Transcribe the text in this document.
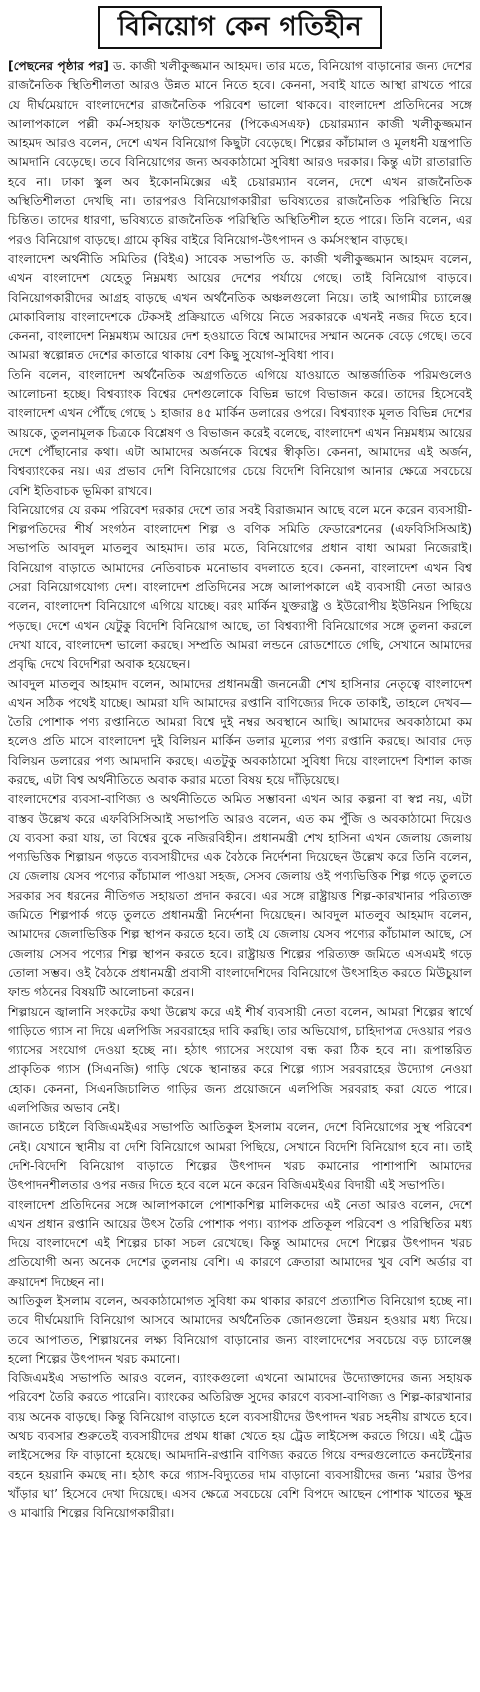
বিনিয়োগ কেন গতিহীন

[পেছনের পৃষ্ঠার পর] ড. কাজী খলীকুজ্জমান আহমদ। তার মতে, বিনিয়োগ বাড়ানোর জন্য দেশের রাজনৈতিক স্থিতিশীলতা আরও উন্নত মানে নিতে হবে। কেননা, সবাই যাতে আস্থা রাখতে পারে যে দীর্ঘমেয়াদে বাংলাদেশের রাজনৈতিক পরিবেশ ভালো থাকবে। বাংলাদেশ প্রতিদিনের সঙ্গে আলাপকালে পল্লী কর্ম-সহায়ক ফাউন্ডেশনের (পিকেএসএফ) চেয়ারম্যান কাজী খলীকুজ্জমান আহমদ আরও বলেন, দেশে এখন বিনিয়োগ কিছুটা বেড়েছে। শিল্পের কাঁচামাল ও মূলধনী যন্ত্রপাতি আমদানি বেড়েছে। তবে বিনিয়োগের জন্য অবকাঠামো সুবিধা আরও দরকার। কিন্তু এটা রাতারাতি হবে না। ঢাকা স্কুল অব ইকোনমিক্সের এই চেয়ারম্যান বলেন, দেশে এখন রাজনৈতিক অস্থিতিশীলতা দেখছি না। তারপরও বিনিয়োগকারীরা ভবিষ্যতের রাজনৈতিক পরিস্থিতি নিয়ে চিন্তিত। তাদের ধারণা, ভবিষ্যতে রাজনৈতিক পরিস্থিতি অস্থিতিশীল হতে পারে। তিনি বলেন, এর পরও বিনিয়োগ বাড়ছে। গ্রামে কৃষির বাইরে বিনিয়োগ-উৎপাদন ও কর্মসংস্থান বাড়ছে।

বাংলাদেশ অর্থনীতি সমিতির (বিইএ) সাবেক সভাপতি ড. কাজী খলীকুজ্জমান আহমদ বলেন, এখন বাংলাদেশ যেহেতু নিম্নমধ্য আয়ের দেশের পর্যায়ে গেছে। তাই বিনিয়োগ বাড়বে। বিনিয়োগকারীদের আগ্রহ বাড়ছে এখন অর্থনৈতিক অঞ্চলগুলো নিয়ে। তাই আগামীর চ্যালেঞ্জ মোকাবিলায় বাংলাদেশকে টেকসই প্রক্রিয়াতে এগিয়ে নিতে সরকারকে এখনই নজর দিতে হবে। কেননা, বাংলাদেশ নিম্নমধ্যম আয়ের দেশ হওয়াতে বিশ্বে আমাদের সম্মান অনেক বেড়ে গেছে। তবে আমরা স্বল্পোন্নত দেশের কাতারে থাকায় বেশ কিছু সুযোগ-সুবিধা পাব।

তিনি বলেন, বাংলাদেশ অর্থনৈতিক অগ্রগতিতে এগিয়ে যাওয়াতে আন্তর্জাতিক পরিমণ্ডলেও আলোচনা হচ্ছে। বিশ্বব্যাংক বিশ্বের দেশগুলোকে বিভিন্ন ভাগে বিভাজন করে। তাদের হিসেবেই বাংলাদেশ এখন পৌঁছে গেছে ১ হাজার ৪৫ মার্কিন ডলারের ওপরে। বিশ্বব্যাংক মূলত বিভিন্ন দেশের আয়কে, তুলনামূলক চিত্রকে বিশ্লেষণ ও বিভাজন করেই বলেছে, বাংলাদেশ এখন নিম্নমধ্যম আয়ের দেশে পৌঁছানোর কথা। এটা আমাদের অর্জনকে বিশ্বের স্বীকৃতি। কেননা, আমাদের এই অর্জন, বিশ্বব্যাংকের নয়। এর প্রভাব দেশি বিনিয়োগের চেয়ে বিদেশি বিনিয়োগ আনার ক্ষেত্রে সবচেয়ে বেশি ইতিবাচক ভূমিকা রাখবে।

বিনিয়োগের যে রকম পরিবেশ দরকার দেশে তার সবই বিরাজমান আছে বলে মনে করেন ব্যবসায়ী-শিল্পপতিদের শীর্ষ সংগঠন বাংলাদেশ শিল্প ও বণিক সমিতি ফেডারেশনের (এফবিসিসিআই) সভাপতি আবদুল মাতলুব আহমাদ। তার মতে, বিনিয়োগের প্রধান বাধা আমরা নিজেরাই। বিনিয়োগ বাড়াতে আমাদের নেতিবাচক মনোভাব বদলাতে হবে। কেননা, বাংলাদেশ এখন বিশ্ব সেরা বিনিয়োগযোগ্য দেশ। বাংলাদেশ প্রতিদিনের সঙ্গে আলাপকালে এই ব্যবসায়ী নেতা আরও বলেন, বাংলাদেশ বিনিয়োগে এগিয়ে যাচ্ছে। বরং মার্কিন যুক্তরাষ্ট্র ও ইউরোপীয় ইউনিয়ন পিছিয়ে পড়ছে। দেশে এখন যেটুকু বিদেশি বিনিয়োগ আছে, তা বিশ্বব্যাপী বিনিয়োগের সঙ্গে তুলনা করলে দেখা যাবে, বাংলাদেশ ভালো করছে। সম্প্রতি আমরা লন্ডনে রোডশোতে গেছি, সেখানে আমাদের প্রবৃদ্ধি দেখে বিদেশিরা অবাক হয়েছেন।

আবদুল মাতলুব আহমাদ বলেন, আমাদের প্রধানমন্ত্রী জননেত্রী শেখ হাসিনার নেতৃত্বে বাংলাদেশ এখন সঠিক পথেই যাচ্ছে। আমরা যদি আমাদের রপ্তানি বাণিজ্যের দিকে তাকাই, তাহলে দেখব— তৈরি পোশাক পণ্য রপ্তানিতে আমরা বিশ্বে দুই নম্বর অবস্থানে আছি। আমাদের অবকাঠামো কম হলেও প্রতি মাসে বাংলাদেশ দুই বিলিয়ন মার্কিন ডলার মূল্যের পণ্য রপ্তানি করছে। আবার দেড় বিলিয়ন ডলারের পণ্য আমদানি করছে। এতটুকু অবকাঠামো সুবিধা দিয়ে বাংলাদেশ বিশাল কাজ করছে, এটা বিশ্ব অর্থনীতিতে অবাক করার মতো বিষয় হয়ে দাঁড়িয়েছে।

বাংলাদেশের ব্যবসা-বাণিজ্য ও অর্থনীতিতে অমিত সম্ভাবনা এখন আর কল্পনা বা স্বপ্ন নয়, এটা বাস্তব উল্লেখ করে এফবিসিসিআই সভাপতি আরও বলেন, এত কম পুঁজি ও অবকাঠামো দিয়েও যে ব্যবসা করা যায়, তা বিশ্বের বুকে নজিরবিহীন। প্রধানমন্ত্রী শেখ হাসিনা এখন জেলায় জেলায় পণ্যভিত্তিক শিল্পায়ন গড়তে ব্যবসায়ীদের এক বৈঠকে নির্দেশনা দিয়েছেন উল্লেখ করে তিনি বলেন, যে জেলায় যেসব পণ্যের কাঁচামাল পাওয়া সহজ, সেসব জেলায় ওই পণ্যভিত্তিক শিল্প গড়ে তুলতে সরকার সব ধরনের নীতিগত সহায়তা প্রদান করবে। এর সঙ্গে রাষ্ট্রায়ত্ত শিল্প-কারখানার পরিত্যক্ত জমিতে শিল্পপার্ক গড়ে তুলতে প্রধানমন্ত্রী নির্দেশনা দিয়েছেন। আবদুল মাতলুব আহমাদ বলেন, আমাদের জেলাভিত্তিক শিল্প স্থাপন করতে হবে। তাই যে জেলায় যেসব পণ্যের কাঁচামাল আছে, সে জেলায় সেসব পণ্যের শিল্প স্থাপন করতে হবে। রাষ্ট্রায়ত্ত শিল্পের পরিত্যক্ত জমিতে এসএমই গড়ে তোলা সম্ভব। ওই বৈঠকে প্রধানমন্ত্রী প্রবাসী বাংলাদেশিদের বিনিয়োগে উৎসাহিত করতে মিউচুয়াল ফান্ড গঠনের বিষয়টি আলোচনা করেন।

শিল্পায়নে জ্বালানি সংকটের কথা উল্লেখ করে এই শীর্ষ ব্যবসায়ী নেতা বলেন, আমরা শিল্পের স্বার্থে গাড়িতে গ্যাস না দিয়ে এলপিজি সরবরাহের দাবি করছি। তার অভিযোগ, চাহিদাপত্র দেওয়ার পরও গ্যাসের সংযোগ দেওয়া হচ্ছে না। হঠাৎ গ্যাসের সংযোগ বন্ধ করা ঠিক হবে না। রূপান্তরিত প্রাকৃতিক গ্যাস (সিএনজি) গাড়ি থেকে স্থানান্তর করে শিল্পে গ্যাস সরবরাহের উদ্যোগ নেওয়া হোক। কেননা, সিএনজিচালিত গাড়ির জন্য প্রয়োজনে এলপিজি সরবরাহ করা যেতে পারে। এলপিজির অভাব নেই।

জানতে চাইলে বিজিএমইএর সভাপতি আতিকুল ইসলাম বলেন, দেশে বিনিয়োগের সুস্থ পরিবেশ নেই। যেখানে স্থানীয় বা দেশি বিনিয়োগে আমরা পিছিয়ে, সেখানে বিদেশি বিনিয়োগ হবে না। তাই দেশি-বিদেশি বিনিয়োগ বাড়াতে শিল্পের উৎপাদন খরচ কমানোর পাশাপাশি আমাদের উৎপাদনশীলতার ওপর নজর দিতে হবে বলে মনে করেন বিজিএমইএর বিদায়ী এই সভাপতি।

বাংলাদেশ প্রতিদিনের সঙ্গে আলাপকালে পোশাকশিল্প মালিকদের এই নেতা আরও বলেন, দেশে এখন প্রধান রপ্তানি আয়ের উৎস তৈরি পোশাক পণ্য। ব্যাপক প্রতিকূল পরিবেশ ও পরিস্থিতির মধ্য দিয়ে বাংলাদেশে এই শিল্পের চাকা সচল রেখেছে। কিন্তু আমাদের দেশে শিল্পের উৎপাদন খরচ প্রতিযোগী অন্য অনেক দেশের তুলনায় বেশি। এ কারণে ক্রেতারা আমাদের খুব বেশি অর্ডার বা ক্রয়াদেশ দিচ্ছেন না।

আতিকুল ইসলাম বলেন, অবকাঠামোগত সুবিধা কম থাকার কারণে প্রত্যাশিত বিনিয়োগ হচ্ছে না। তবে দীর্ঘমেয়াদি বিনিয়োগ আসবে আমাদের অর্থনৈতিক জোনগুলো উন্নয়ন হওয়ার মধ্য দিয়ে। তবে আপাতত, শিল্পায়নের লক্ষ্য বিনিয়োগ বাড়ানোর জন্য বাংলাদেশের সবচেয়ে বড় চ্যালেঞ্জ হলো শিল্পের উৎপাদন খরচ কমানো।

বিজিএমইএ সভাপতি আরও বলেন, ব্যাংকগুলো এখনো আমাদের উদ্যোক্তাদের জন্য সহায়ক পরিবেশ তৈরি করতে পারেনি। ব্যাংকের অতিরিক্ত সুদের কারণে ব্যবসা-বাণিজ্য ও শিল্প-কারখানার ব্যয় অনেক বাড়ছে। কিন্তু বিনিয়োগ বাড়াতে হলে ব্যবসায়ীদের উৎপাদন খরচ সহনীয় রাখতে হবে। অথচ ব্যবসার শুরুতেই ব্যবসায়ীদের প্রথম ধাক্কা খেতে হয় ট্রেড লাইসেন্স করতে গিয়ে। এই ট্রেড লাইসেন্সের ফি বাড়ানো হয়েছে। আমদানি-রপ্তানি বাণিজ্য করতে গিয়ে বন্দরগুলোতে কনটেইনার বহনে হয়রানি কমছে না। হঠাৎ করে গ্যাস-বিদ্যুতের দাম বাড়ানো ব্যবসায়ীদের জন্য ‘মরার উপর খাঁড়ার ঘা’ হিসেবে দেখা দিয়েছে। এসব ক্ষেত্রে সবচেয়ে বেশি বিপদে আছেন পোশাক খাতের ক্ষুদ্র ও মাঝারি শিল্পের বিনিয়োগকারীরা।
